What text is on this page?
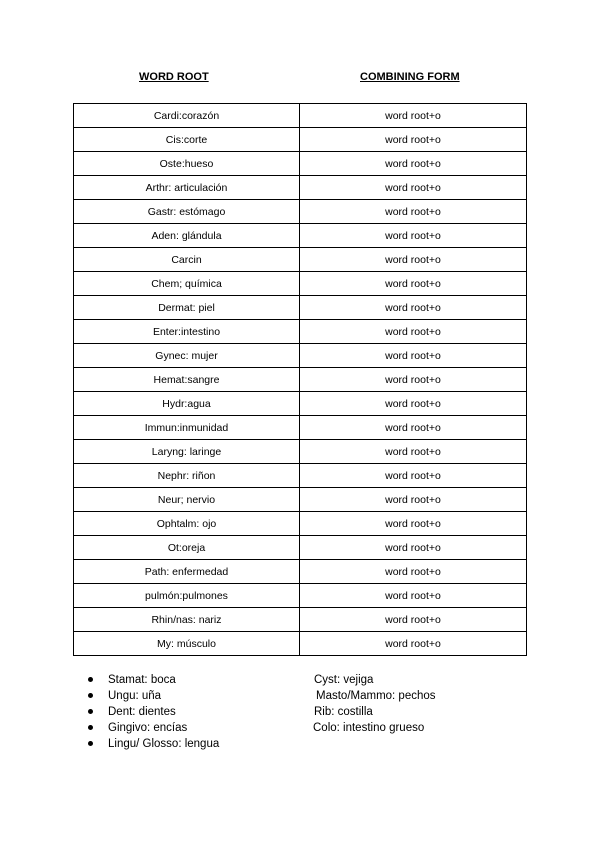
WORD ROOT	COMBINING FORM
Cardi:corazón	word root+o
Cis:corte	word root+o
Oste:hueso	word root+o
Arthr: articulación	word root+o
Gastr: estómago	word root+o
Aden: glándula	word root+o
Carcin	word root+o
Chem; química	word root+o
Dermat: piel	word root+o
Enter:intestino	word root+o
Gynec: mujer	word root+o
Hemat:sangre	word root+o
Hydr:agua	word root+o
Immun:inmunidad	word root+o
Laryng: laringe	word root+o
Nephr: riñon	word root+o
Neur; nervio	word root+o
Ophtalm: ojo	word root+o
Ot:oreja	word root+o
Path: enfermedad	word root+o
pulmón:pulmones	word root+o
Rhin/nas: nariz	word root+o
My: músculo	word root+o
Stamat: boca
Ungu: uña
Dent: dientes
Gingivo: encías
Lingu/ Glosso: lengua
Cyst: vejiga
Masto/Mammo: pechos
Rib: costilla
Colo: intestino grueso
